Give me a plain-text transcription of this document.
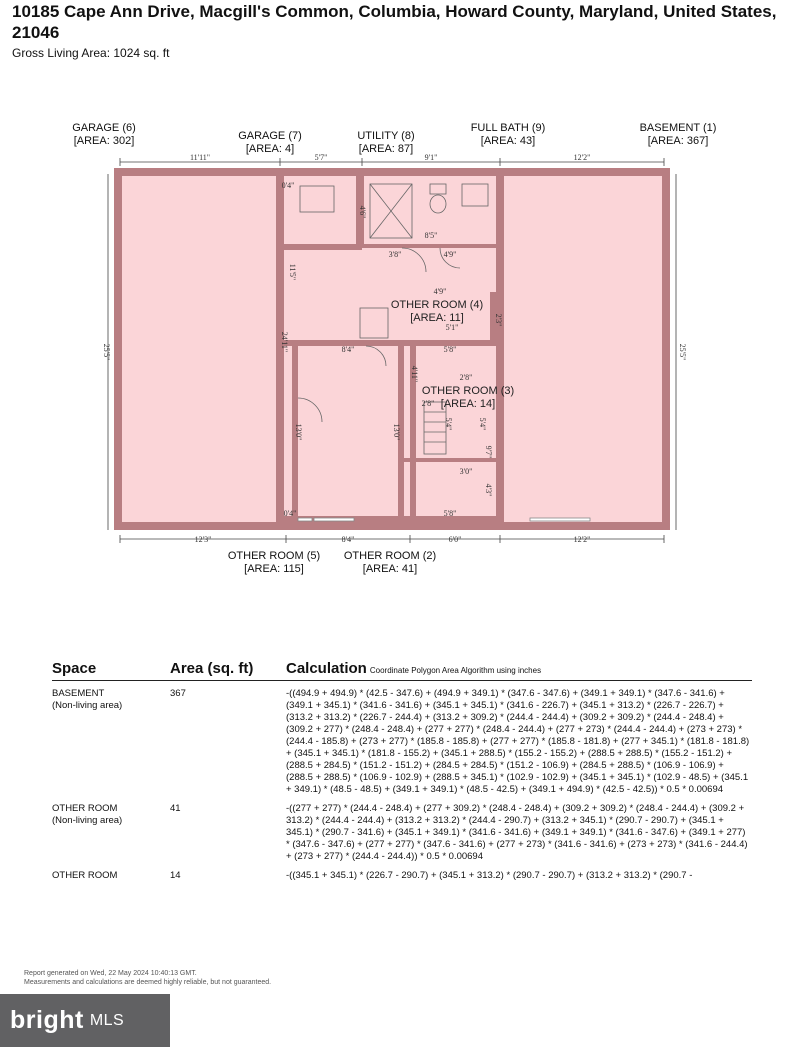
10185 Cape Ann Drive, Macgill's Common, Columbia, Howard County, Maryland, United States, 21046
Gross Living Area: 1024 sq. ft
GARAGE (6)
[AREA: 302]	GARAGE (7)
[AREA: 4]
UTILITY (8)
[AREA: 87]
FULL BATH (9)
[AREA: 43]
BASEMENT (1)
[AREA: 367]
OTHER ROOM (5)
[AREA: 115]
OTHER ROOM (2)
[AREA: 41]
11'11"	5'7"	9'1"	12'2"
12'3"	8'4"	6'0"	12'2"
25'5"	25'5"
0'4"
4'6"
8'5"
3'8"	4'9"
4'9"
2'3"
5'1"
11'5"
24'11"	8'4"	5'8"
4'11"	2'8"
2'8"
5'4"	5'4"
9'7"
3'0"
4'3"
13'0"	13'0"
5'8"
0'4"
OTHER ROOM (4)
[AREA: 11]
OTHER ROOM (3)
[AREA: 14]
Space	Area (sq. ft)	Calculation Coordinate Polygon Area Algorithm using inches
BASEMENT
(Non-living area)
367	-((494.9 + 494.9) * (42.5 - 347.6) + (494.9 + 349.1) * (347.6 - 347.6) + (349.1 + 349.1) * (347.6 - 341.6) + (349.1 + 345.1) * (341.6 - 341.6) + (345.1 + 345.1) * (341.6 - 226.7) + (345.1 + 313.2) * (226.7 - 226.7) + (313.2 + 313.2) * (226.7 - 244.4) + (313.2 + 309.2) * (244.4 - 244.4) + (309.2 + 309.2) * (244.4 - 248.4) + (309.2 + 277) * (248.4 - 248.4) + (277 + 277) * (248.4 - 244.4) + (277 + 273) * (244.4 - 244.4) + (273 + 273) * (244.4 - 185.8) + (273 + 277) * (185.8 - 185.8) + (277 + 277) * (185.8 - 181.8) + (277 + 345.1) * (181.8 - 181.8) + (345.1 + 345.1) * (181.8 - 155.2) + (345.1 + 288.5) * (155.2 - 155.2) + (288.5 + 288.5) * (155.2 - 151.2) + (288.5 + 284.5) * (151.2 - 151.2) + (284.5 + 284.5) * (151.2 - 106.9) + (284.5 + 288.5) * (106.9 - 106.9) + (288.5 + 288.5) * (106.9 - 102.9) + (288.5 + 345.1) * (102.9 - 102.9) + (345.1 + 345.1) * (102.9 - 48.5) + (345.1 + 349.1) * (48.5 - 48.5) + (349.1 + 349.1) * (48.5 - 42.5) + (349.1 + 494.9) * (42.5 - 42.5)) * 0.5 * 0.00694
OTHER ROOM
(Non-living area)
41	-((277 + 277) * (244.4 - 248.4) + (277 + 309.2) * (248.4 - 248.4) + (309.2 + 309.2) * (248.4 - 244.4) + (309.2 + 313.2) * (244.4 - 244.4) + (313.2 + 313.2) * (244.4 - 290.7) + (313.2 + 345.1) * (290.7 - 290.7) + (345.1 + 345.1) * (290.7 - 341.6) + (345.1 + 349.1) * (341.6 - 341.6) + (349.1 + 349.1) * (341.6 - 347.6) + (349.1 + 277) * (347.6 - 347.6) + (277 + 277) * (347.6 - 341.6) + (277 + 273) * (341.6 - 341.6) + (273 + 273) * (341.6 - 244.4) + (273 + 277) * (244.4 - 244.4)) * 0.5 * 0.00694
OTHER ROOM	14	-((345.1 + 345.1) * (226.7 - 290.7) + (345.1 + 313.2) * (290.7 - 290.7) + (313.2 + 313.2) * (290.7 -
Report generated on Wed, 22 May 2024 10:40:13 GMT.
Measurements and calculations are deemed highly reliable, but not guaranteed.
bright MLS
